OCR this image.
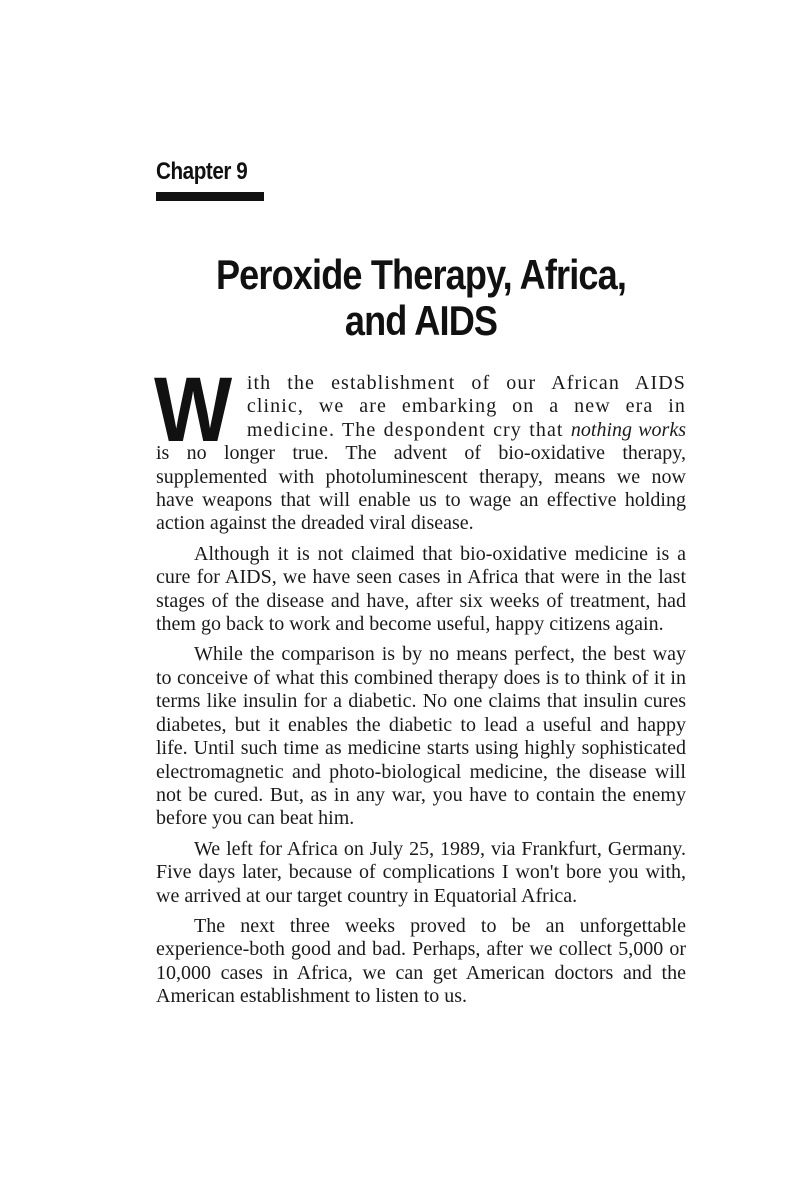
Chapter 9
Peroxide Therapy, Africa,
and AIDS

With the establishment of our African AIDS clinic, we are embarking on a new era in medicine. The despondent cry that nothing works is no longer true. The advent of bio-oxidative therapy, supplemented with photoluminescent therapy, means we now have weapons that will enable us to wage an effective holding action against the dreaded viral disease.

Although it is not claimed that bio-oxidative medicine is a cure for AIDS, we have seen cases in Africa that were in the last stages of the disease and have, after six weeks of treatment, had them go back to work and become useful, happy citizens again.

While the comparison is by no means perfect, the best way to conceive of what this combined therapy does is to think of it in terms like insulin for a diabetic. No one claims that insulin cures diabetes, but it enables the diabetic to lead a useful and happy life. Until such time as medicine starts using highly sophisticated electromagnetic and photo-biological medicine, the disease will not be cured. But, as in any war, you have to contain the enemy before you can beat him.

We left for Africa on July 25, 1989, via Frankfurt, Germany. Five days later, because of complications I won't bore you with, we arrived at our target country in Equatorial Africa.

The next three weeks proved to be an unforgettable experience-both good and bad. Perhaps, after we collect 5,000 or 10,000 cases in Africa, we can get American doctors and the American establishment to listen to us.
